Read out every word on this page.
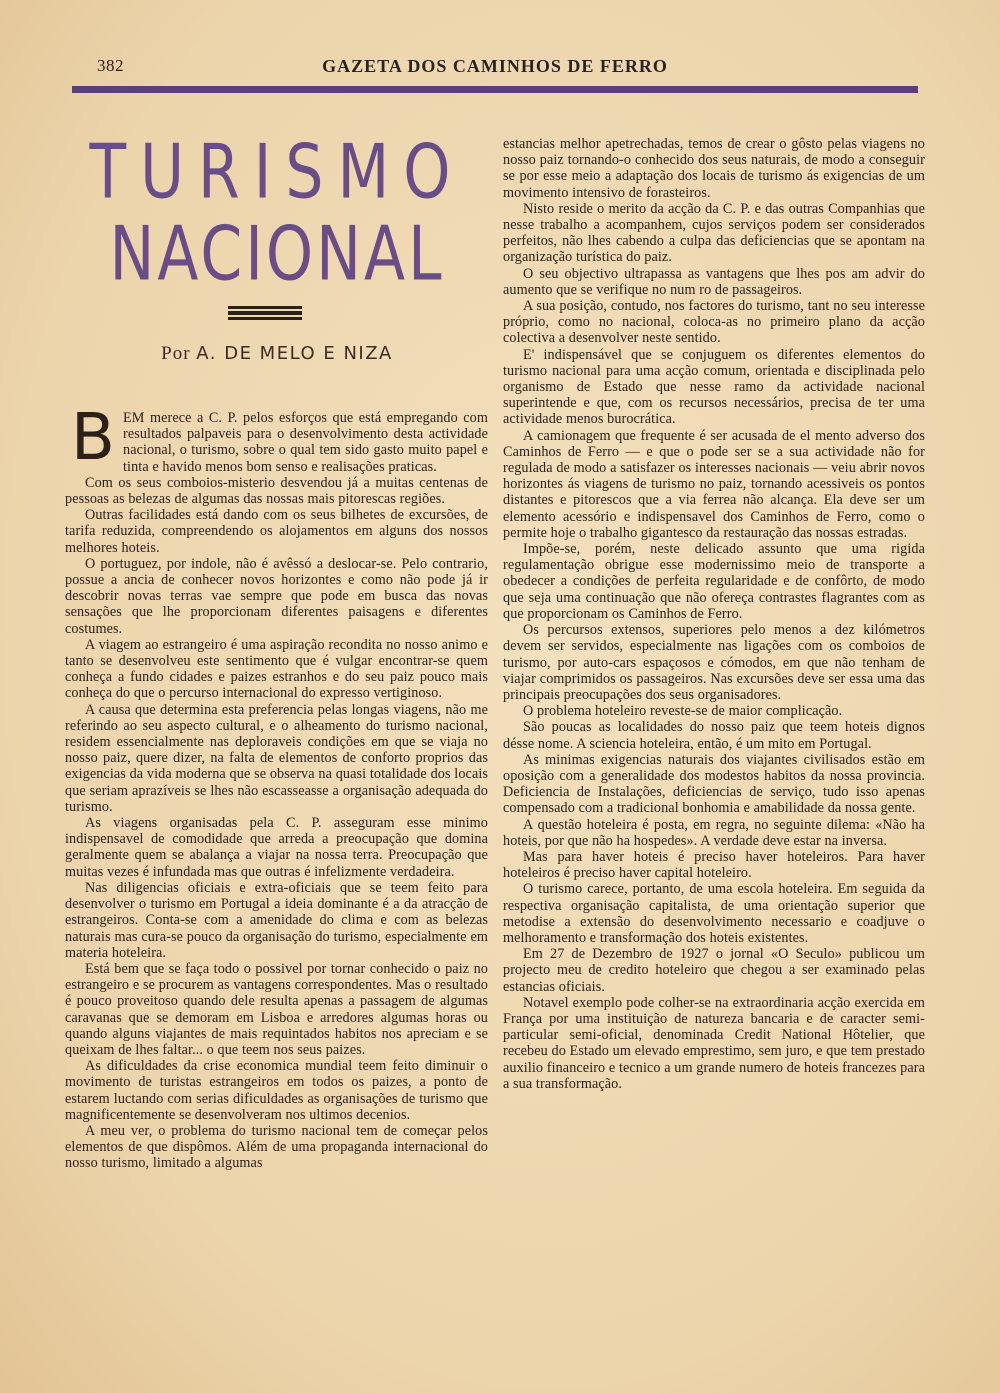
382	GAZETA DOS CAMINHOS DE FERRO
TURISMO
NACIONAL
Por A. DE MELO E NIZA

B EM merece a C. P. pelos esforços que está empregando com resultados palpaveis para o desenvolvimento desta actividade nacional, o turismo, sobre o qual tem sido gasto muito papel e tinta e havido menos bom senso e realisações praticas.

Com os seus comboios-misterio desvendou já a muitas centenas de pessoas as belezas de algumas das nossas mais pitorescas regiões.

Outras facilidades está dando com os seus bilhetes de excursões, de tarifa reduzida, compreendendo os alojamentos em alguns dos nossos melhores hoteis.

O portuguez, por indole, não é avêssó a deslocar-se. Pelo contrario, possue a ancia de conhecer novos horizontes e como não pode já ir descobrir novas terras vae sempre que pode em busca das novas sensações que lhe proporcionam diferentes paisagens e diferentes costumes.

A viagem ao estrangeiro é uma aspiração recondita no nosso animo e tanto se desenvolveu este sentimento que é vulgar encontrar-se quem conheça a fundo cidades e paizes estranhos e do seu paiz pouco mais conheça do que o percurso internacional do expresso vertiginoso.

A causa que determina esta preferencia pelas longas viagens, não me referindo ao seu aspecto cultural, e o alheamento do turismo nacional, residem essencialmente nas deploraveis condições em que se viaja no nosso paiz, quere dizer, na falta de elementos de conforto proprios das exigencias da vida moderna que se observa na quasi totalidade dos locais que seriam aprazíveis se lhes não escasseasse a organisação adequada do turismo.

As viagens organisadas pela C. P. asseguram esse minimo indispensavel de comodidade que arreda a preocupação que domina geralmente quem se abalança a viajar na nossa terra. Preocupação que muitas vezes é infundada mas que outras é infelizmente verdadeira.

Nas diligencias oficiais e extra-oficiais que se teem feito para desenvolver o turismo em Portugal a ideia dominante é a da atracção de estrangeiros. Conta-se com a amenidade do clima e com as belezas naturais mas cura-se pouco da organisação do turismo, especialmente em materia hoteleira.

Está bem que se faça todo o possivel por tornar conhecido o paiz no estrangeiro e se procurem as vantagens correspondentes. Mas o resultado é pouco proveitoso quando dele resulta apenas a passagem de algumas caravanas que se demoram em Lisboa e arredores algumas horas ou quando alguns viajantes de mais requintados habitos nos apreciam e se queixam de lhes faltar... o que teem nos seus paizes.

As dificuldades da crise economica mundial teem feito diminuir o movimento de turistas estrangeiros em todos os paizes, a ponto de estarem luctando com serias dificuldades as organisações de turismo que magnificentemente se desenvolveram nos ultimos decenios.

A meu ver, o problema do turismo nacional tem de começar pelos elementos de que dispômos. Além de uma propaganda internacional do nosso turismo, limitado a algumas

estancias melhor apetrechadas, temos de crear o gôsto pelas viagens no nosso paiz tornando-o conhecido dos seus naturais, de modo a conseguir se por esse meio a adaptação dos locais de turismo ás exigencias de um movimento intensivo de forasteiros.

Nisto reside o merito da acção da C. P. e das outras Companhias que nesse trabalho a acompanhem, cujos serviços podem ser considerados perfeitos, não lhes cabendo a culpa das deficiencias que se apontam na organização turística do paiz.

O seu objectivo ultrapassa as vantagens que lhes pos am advir do aumento que se verifique no num ro de passageiros.

A sua posição, contudo, nos factores do turismo, tant no seu interesse próprio, como no nacional, coloca-as no primeiro plano da acção colectiva a desenvolver neste sentido.

E' indispensável que se conjuguem os diferentes elementos do turismo nacional para uma acção comum, orientada e disciplinada pelo organismo de Estado que nesse ramo da actividade nacional superintende e que, com os recursos necessários, precisa de ter uma actividade menos burocrática.

A camionagem que frequente é ser acusada de el mento adverso dos Caminhos de Ferro — e que o pode ser se a sua actividade não for regulada de modo a satisfazer os interesses nacionais — veiu abrir novos horizontes ás viagens de turismo no paiz, tornando acessiveis os pontos distantes e pitorescos que a via ferrea não alcança. Ela deve ser um elemento acessório e indispensavel dos Caminhos de Ferro, como o permite hoje o trabalho gigantesco da restauração das nossas estradas.

Impõe-se, porém, neste delicado assunto que uma rigida regulamentação obrigue esse modernissimo meio de transporte a obedecer a condições de perfeita regularidade e de confôrto, de modo que seja uma continuação que não ofereça contrastes flagrantes com as que proporcionam os Caminhos de Ferro.

Os percursos extensos, superiores pelo menos a dez kilómetros devem ser servidos, especialmente nas ligações com os comboios de turismo, por auto-cars espaçosos e cómodos, em que não tenham de viajar comprimidos os passageiros. Nas excursões deve ser essa uma das principais preocupações dos seus organisadores.

O problema hoteleiro reveste-se de maior complicação.

São poucas as localidades do nosso paiz que teem hoteis dignos désse nome. A sciencia hoteleira, então, é um mito em Portugal.

As minimas exigencias naturais dos viajantes civilisados estão em oposição com a generalidade dos modestos habitos da nossa provincia. Deficiencia de Instalações, deficiencias de serviço, tudo isso apenas compensado com a tradicional bonhomia e amabilidade da nossa gente.

A questão hoteleira é posta, em regra, no seguinte dilema: «Não ha hoteis, por que não ha hospedes». A verdade deve estar na inversa.

Mas para haver hoteis é preciso haver hoteleiros. Para haver hoteleiros é preciso haver capital hoteleiro.

O turismo carece, portanto, de uma escola hoteleira. Em seguida da respectiva organisação capitalista, de uma orientação superior que metodise a extensão do desenvolvimento necessario e coadjuve o melhoramento e transformação dos hoteis existentes.

Em 27 de Dezembro de 1927 o jornal «O Seculo» publicou um projecto meu de credito hoteleiro que chegou a ser examinado pelas estancias oficiais.

Notavel exemplo pode colher-se na extraordinaria acção exercida em França por uma instituição de natureza bancaria e de caracter semi-particular semi-oficial, denominada Credit National Hôtelier, que recebeu do Estado um elevado emprestimo, sem juro, e que tem prestado auxilio financeiro e tecnico a um grande numero de hoteis francezes para a sua transformação.
